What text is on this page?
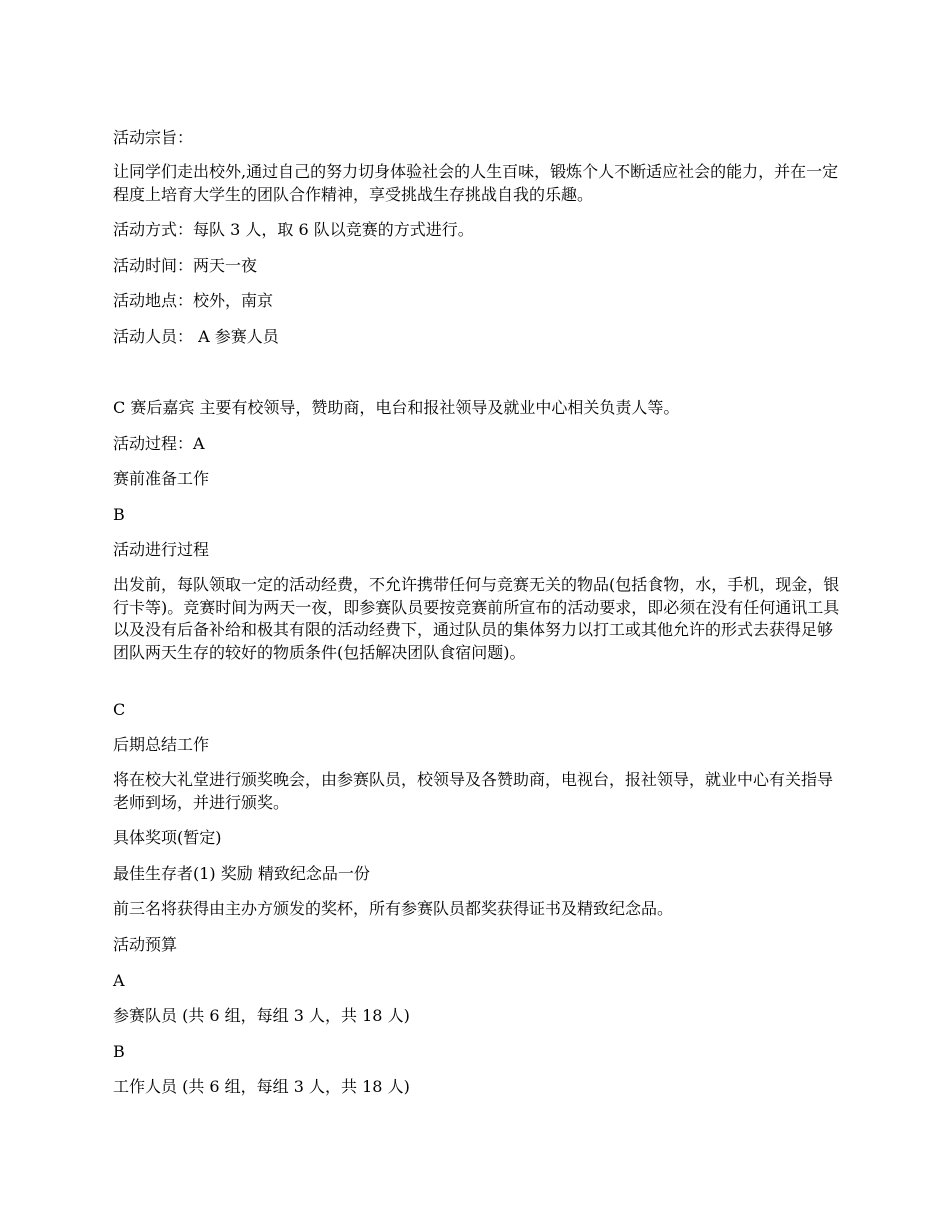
活动宗旨：

让同学们走出校外,通过自己的努力切身体验社会的人生百味，锻炼个人不断适应社会的能力，并在一定程度上培育大学生的团队合作精神，享受挑战生存挑战自我的乐趣。

活动方式：每队 3 人，取 6 队以竞赛的方式进行。

活动时间：两天一夜

活动地点：校外，南京

活动人员： A 参赛人员

C 赛后嘉宾 主要有校领导，赞助商，电台和报社领导及就业中心相关负责人等。

活动过程：A

赛前准备工作

B

活动进行过程

出发前，每队领取一定的活动经费，不允许携带任何与竞赛无关的物品(包括食物，水，手机，现金，银行卡等)。竞赛时间为两天一夜，即参赛队员要按竞赛前所宣布的活动要求，即必须在没有任何通讯工具以及没有后备补给和极其有限的活动经费下，通过队员的集体努力以打工或其他允许的形式去获得足够团队两天生存的较好的物质条件(包括解决团队食宿问题)。

C

后期总结工作

将在校大礼堂进行颁奖晚会，由参赛队员，校领导及各赞助商，电视台，报社领导，就业中心有关指导老师到场，并进行颁奖。

具体奖项(暂定)

最佳生存者(1) 奖励 精致纪念品一份

前三名将获得由主办方颁发的奖杯，所有参赛队员都奖获得证书及精致纪念品。

活动预算

A

参赛队员 (共 6 组，每组 3 人，共 18 人)

B

工作人员 (共 6 组，每组 3 人，共 18 人)
